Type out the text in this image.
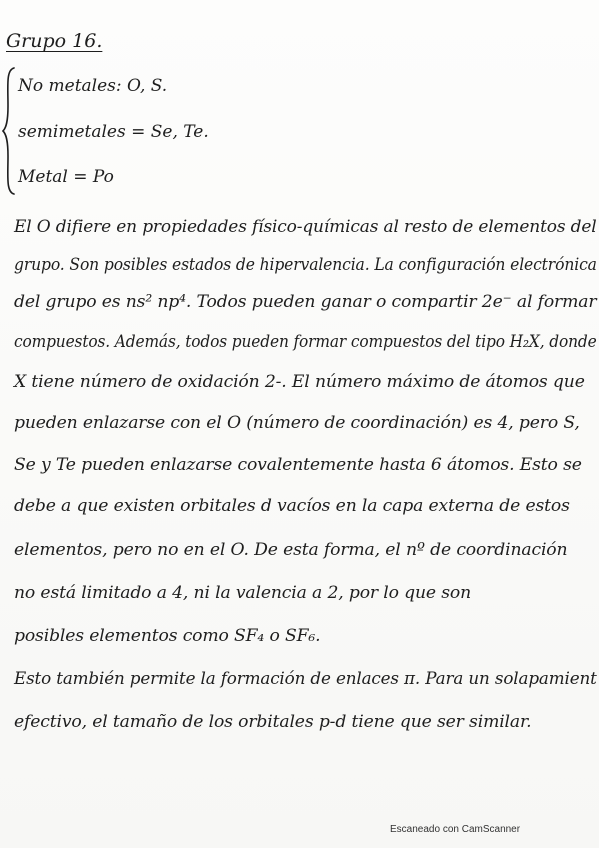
Grupo 16.
No metales: O, S.
semimetales = Se, Te.
Metal = Po
El O difiere en propiedades físico-químicas al resto de elementos del
grupo. Son posibles estados de hipervalencia. La configuración electrónica
del grupo es ns² np⁴. Todos pueden ganar o compartir 2e⁻ al formar
compuestos. Además, todos pueden formar compuestos del tipo H₂X, donde
X tiene número de oxidación 2-. El número máximo de átomos que
pueden enlazarse con el O (número de coordinación) es 4, pero S,
Se y Te pueden enlazarse covalentemente hasta 6 átomos. Esto se
debe a que existen orbitales d vacíos en la capa externa de estos
elementos, pero no en el O. De esta forma, el nº de coordinación
no está limitado a 4, ni la valencia a 2, por lo que son
posibles elementos como SF₄ o SF₆.
Esto también permite la formación de enlaces π. Para un solapamient
efectivo, el tamaño de los orbitales p-d tiene que ser similar.
Escaneado con CamScanner
